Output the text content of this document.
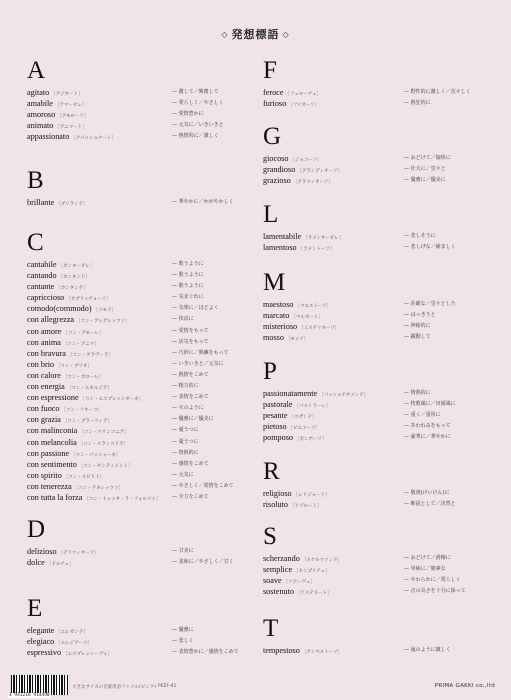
◇ 発想標語 ◇
A
agitato ［アジタート］	— 激して／興奮して
amabile ［アマービレ］	— 愛らしく／やさしく
amoroso ［アモローソ］	— 愛情豊かに
animato ［アニマート］	— 元気に／いきいきと
appassionato ［アパッショナート］	— 熱情的に／激しく
B
brillante ［ブリランテ］	— 華やかに／かがやかしく
C
cantabile ［カンタービレ］	— 歌うように
cantando ［カンタンド］	— 歌うように
cantante ［カンタンテ］	— 歌うように
capriccioso ［カプリッチョーソ］	— 気まぐれに
comodo(commodo) ［コモド］	— 気楽に／ほどよく
con allegrezza ［コン・アレグレッツァ］	— 快活に
con amore ［コン・アモーレ］	— 愛情をもって
con anima ［コン・アニマ］	— 活気をもって
con bravura ［コン・ブラヴーラ］	— 巧妙に／熟練をもって
con brio ［コン・ブリオ］	— いきいきと／元気に
con calore ［コン・カローレ］	— 熱情をこめて
con energia ［コン・エネルジア］	— 精力的に
con espressione ［コン・エスプレッシオーネ］	— 表情をこめて
con fuoco ［コン・フオーコ］	— 火のように
con grazia ［コン・グラーツィア］	— 優雅に／優美に
con malinconia ［コン・マリンコニア］	— 憂うつに
con melancolia ［コン・メランコリア］	— 憂うつに
con passione ［コン・パッシォーネ］	— 情熱的に
con sentimento ［コン・センティメント］	— 感情をこめて
con spirito ［コン・スピリト］	— 元気に
con tenerezza ［コン・テネレッツァ］	— やさしく／愛情をこめて
con tutta la forza ［コン・トゥッタ・ラ・フォルツァ］ — 全力をこめて
D
delizioso ［デリツィオーソ］	— 甘美に
dolce ［ドルチェ］	— 柔和に／やさしく／甘く
E
elegante ［エレガンテ］	— 優雅に
elegiaco ［エレジアーコ］	— 悲しく
espressivo ［エスプレッシーヴォ］	— 表情豊かに／感情をこめて
F
feroce ［フェローチェ］	— 野性的に激しく／荒々しく
furioso ［フリオーソ］	— 熱狂的に
G
giocoso ［ジョコーソ］	— おどけて／愉快に
grandioso ［グランディオーソ］	— 壮大に／堂々と
grazioso ［グラツィオーソ］	— 優雅に／優美に
L
lamentabile ［ラメンタービレ］	— 悲しそうに
lamentoso ［ラメントーソ］	— 悲しげな／痛ましく
M
maestoso ［マエストーソ］	— 荘厳な／堂々とした
marcato ［マルカート］	— はっきりと
misterioso ［ミステリオーソ］	— 神秘的に
mosso ［モッソ］	— 躍動して
P
passionatamente ［パッショナタメンテ］	— 情熱的に
pastorale ［パストラーレ］	— 牧歌風に／田園風に
pesante ［ペザンテ］	— 重く／重厚に
pietoso ［ピエトーソ］	— あわれみをもって
pomposo ［ポンポーソ］	— 豪華に／華やかに
R
religioso ［レリジョーソ］	— 敬虔(けいけん)に
risoluto ［リゾルート］	— 断固として／決然と
S
scherzando ［スケルツァンド］	— おどけて／滑稽に
semplice ［センプリチェ］	— 単純に／簡素な
soave ［ソアーヴェ］	— やわらかに／愛らしく
sostenuto ［ソステヌート］	— 音の長さを十分に保って
T
tempestoso ［テンペストーソ］	— 嵐のように激しく
4 941216 914490
大きなサイズの音楽用語ファイル(ピンク) PEEF-41	PRIMA GAKKI co.,ltd
